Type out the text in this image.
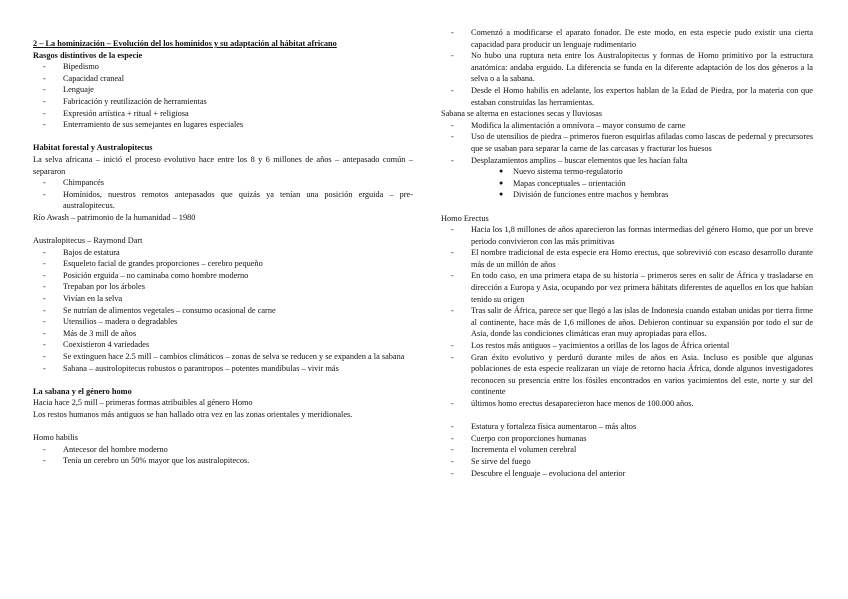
2 – La hominización – Evolución del los homínidos y su adaptación al hábitat africano
Rasgos distintivos de la especie
- Bipedismo
- Capacidad craneal
- Lenguaje
- Fabricación y reutilización de herramientas
- Expresión artística + ritual + religiosa
- Enterramiento de sus semejantes en lugares especiales
Habitat forestal y Australopitecus
La selva africana – inició el proceso evolutivo hace entre los 8 y 6 millones de años – antepasado común – separaron
- Chimpancés
- Homínidos, nuestros remotos antepasados que quizás ya tenían una posición erguida – pre-australopitecus.
Río Awash – patrimonio de la humanidad – 1980
Australopitecus – Raymond Dart
- Bajos de estatura
- Esqueleto facial de grandes proporciones – cerebro pequeño
- Posición erguida – no caminaba como hombre moderno
- Trepaban por los árboles
- Vivían en la selva
- Se nutrían de alimentos vegetales – consumo ocasional de carne
- Utensilios – madera o degradables
- Más de 3 mill de años
- Coexistieron 4 variedades
- Se extinguen hace 2.5 mill – cambios climáticos – zonas de selva se reducen y se expanden a la sabana
- Sabana – austrolopitecus robustos o parantropos – potentes mandíbulas – vivir más
La sabana y el género homo
Hacia hace 2,5 mill – primeras formas atribuibles al género Homo
Los restos humanos más antiguos se han hallado otra vez en las zonas orientales y meridionales.
Homo habilis
- Antecesor del hombre moderno
- Tenía un cerebro un 50% mayor que los australopitecos.
- Comenzó a modificarse el aparato fonador. De este modo, en esta especie pudo existir una cierta capacidad para producir un lenguaje rudimentario
- No hubo una ruptura neta entre los Australopitecus y formas de Homo primitivo por la estructura anatómica: andaba erguido. La diferencia se funda en la diferente adaptación de los dos géneros a la selva o a la sabana.
- Desde el Homo habilis en adelante, los expertos hablan de la Edad de Piedra, por la materia con que estaban construidas las herramientas.
Sabana se alterna en estaciones secas y lluviosas
- Modifica la alimentación a omnívora – mayor consumo de carne
- Uso de utensilios de piedra – primeros fueron esquirlas afiladas como lascas de pedernal y precursores que se usaban para separar la carne de las carcasas y fracturar los huesos
- Desplazamientos amplios – buscar elementos que les hacían falta
● Nuevo sistema termo-regulatorio
● Mapas conceptuales – orientación
● División de funciones entre machos y hembras
Homo Erectus
- Hacia los 1,8 millones de años aparecieron las formas intermedias del género Homo, que por un breve periodo convivieron con las más primitivas
- El nombre tradicional de esta especie era Homo erectus, que sobrevivió con escaso desarrollo durante más de un millón de años
- En todo caso, en una primera etapa de su historia – primeros seres en salir de África y trasladarse en dirección a Europa y Asia, ocupando por vez primera hábitats diferentes de aquellos en los que habían tenido su origen
- Tras salir de África, parece ser que llegó a las islas de Indonesia cuando estaban unidas por tierra firme al continente, hace más de 1,6 millones de años. Debieron continuar su expansión por todo el sur de Asia, donde las condiciones climáticas eran muy apropiadas para ellos.
- Los restos más antiguos – yacimientos a orillas de los lagos de África oriental
- Gran éxito evolutivo y perduró durante miles de años en Asia. Incluso es posible que algunas poblaciones de esta especie realizaran un viaje de retorno hacia África, donde algunos investigadores reconocen su presencia entre los fósiles encontrados en varios yacimientos del este, norte y sur del continente
- últimos homo erectus desaparecieron hace menos de 100.000 años.
- Estatura y fortaleza física aumentaron – más altos
- Cuerpo con proporciones humanas
- Incrementa el volumen cerebral
- Se sirve del fuego
- Descubre el lenguaje – evoluciona del anterior
